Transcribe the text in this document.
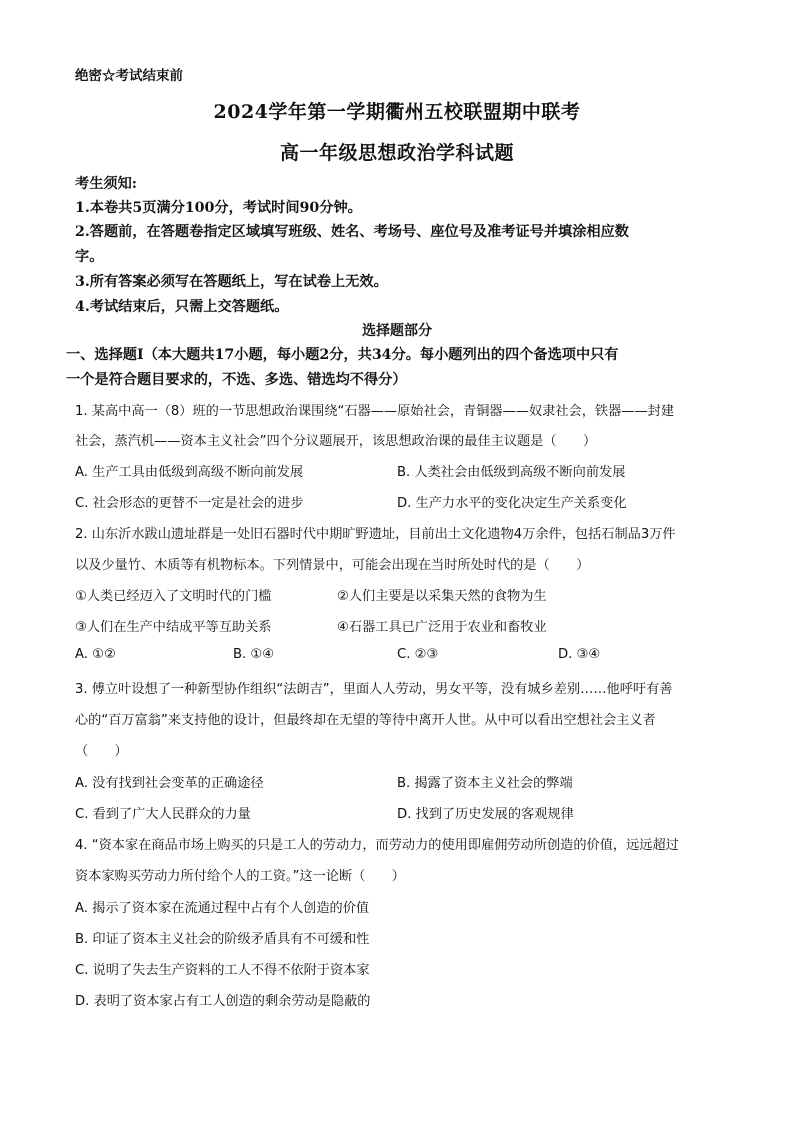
绝密☆考试结束前
2024学年第一学期衢州五校联盟期中联考
高一年级思想政治学科试题
考生须知:
1.本卷共5页满分100分，考试时间90分钟。
2.答题前，在答题卷指定区域填写班级、姓名、考场号、座位号及准考证号并填涂相应数
字。
3.所有答案必须写在答题纸上，写在试卷上无效。
4.考试结束后，只需上交答题纸。
选择题部分
一、选择题Ⅰ（本大题共17小题，每小题2分，共34分。每小题列出的四个备选项中只有
一个是符合题目要求的，不选、多选、错选均不得分）
1. 某高中高一（8）班的一节思想政治课围绕“石器——原始社会，青铜器——奴隶社会，铁器——封建
社会，蒸汽机——资本主义社会”四个分议题展开，该思想政治课的最佳主议题是（　　）
A. 生产工具由低级到高级不断向前发展	B. 人类社会由低级到高级不断向前发展
C. 社会形态的更替不一定是社会的进步	D. 生产力水平的变化决定生产关系变化
2. 山东沂水跋山遗址群是一处旧石器时代中期旷野遗址，目前出土文化遗物4万余件，包括石制品3万件
以及少量竹、木质等有机物标本。下列情景中，可能会出现在当时所处时代的是（　　）
①人类已经迈入了文明时代的门槛	②人们主要是以采集天然的食物为生
③人们在生产中结成平等互助关系	④石器工具已广泛用于农业和畜牧业
A. ①②	B. ①④	C. ②③	D. ③④
3. 傅立叶设想了一种新型协作组织“法朗吉”，里面人人劳动，男女平等，没有城乡差别……他呼吁有善
心的“百万富翁”来支持他的设计，但最终却在无望的等待中离开人世。从中可以看出空想社会主义者
（　　）
A. 没有找到社会变革的正确途径	B. 揭露了资本主义社会的弊端
C. 看到了广大人民群众的力量	D. 找到了历史发展的客观规律
4. “资本家在商品市场上购买的只是工人的劳动力，而劳动力的使用即雇佣劳动所创造的价值，远远超过
资本家购买劳动力所付给个人的工资。”这一论断（　　）
A. 揭示了资本家在流通过程中占有个人创造的价值
B. 印证了资本主义社会的阶级矛盾具有不可缓和性
C. 说明了失去生产资料的工人不得不依附于资本家
D. 表明了资本家占有工人创造的剩余劳动是隐蔽的
